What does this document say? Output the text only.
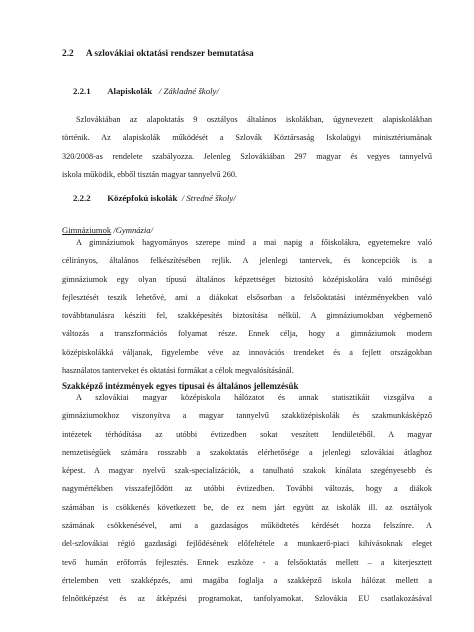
2.2 A szlovákiai oktatási rendszer bemutatása
2.2.1 Alapiskolák / Základné školy/
Szlovákiában az alapoktatás 9 osztályos általános iskolákban, úgynevezett alapiskolákban
történik. Az alapiskolák működését a Szlovák Köztársaság Iskolaügyi minisztériumának
320/2008-as rendelete szabályozza. Jelenleg Szlovákiában 297 magyar és vegyes tannyelvű
iskola működik, ebből tisztán magyar tannyelvű 260.
2.2.2 Középfokú iskolák / Stredné školy/
Gimnáziumok /Gymnázia/
A gimnáziumok hagyományos szerepe mind a mai napig a főiskolákra, egyetemekre való
célirányos, általános felkészítésében rejlik. A jelenlegi tantervek, és koncepciók is a
gimnáziumok egy olyan típusú általános képzettséget biztosító középiskolára való minőségi
fejlesztését teszik lehetővé, ami a diákokat elsősorban a felsőoktatási intézményekben való
továbbtanulásra készíti fel, szakképesítés biztosítása nélkül. A gimnáziumokban végbemenő
változás a transzformációs folyamat része. Ennek célja, hogy a gimnáziumok modern
középiskolákká váljanak, figyelembe véve az innovációs trendeket és a fejlett országokban
használatos tanterveket és oktatási formákat a célok megvalósításánál.
Szakképző intézmények egyes típusai és általános jellemzésük
A szlovákiai magyar középiskola hálózatot és annak statisztikáit vizsgálva a
gimnáziumokhoz viszonyítva a magyar tannyelvű szakközépiskolák és szakmunkásképző
intézetek térhódítása az utóbbi évtizedben sokat veszített lendületéből. A magyar
nemzetiségűek számára rosszabb a szakoktatás elérhetősége a jelenlegi szlovákiai átlaghoz
képest. A magyar nyelvű szak-specializációk, a tanulható szakok kínálata szegényesebb és
nagymértékben visszafejlődött az utóbbi évtizedben. További változás, hogy a diákok
számában is csökkenés következett be, de ez nem járt együtt az iskolák ill. az osztályok
számának csökkenésével, ami a gazdaságos működtetés kérdését hozza felszínre. A
del-szlovákiai régió gazdasági fejlődésének előfeltétele a munkaerő-piaci kihívásoknak eleget
tevő humán erőforrás fejlesztés. Ennek eszköze - a felsőoktatás mellett – a kiterjesztett
értelemben vett szakképzés, ami magába foglalja a szakképző iskola hálózat mellett a
felnőttképzést és az átképzési programokat, tanfolyamokat. Szlovákia EU csatlakozásával
